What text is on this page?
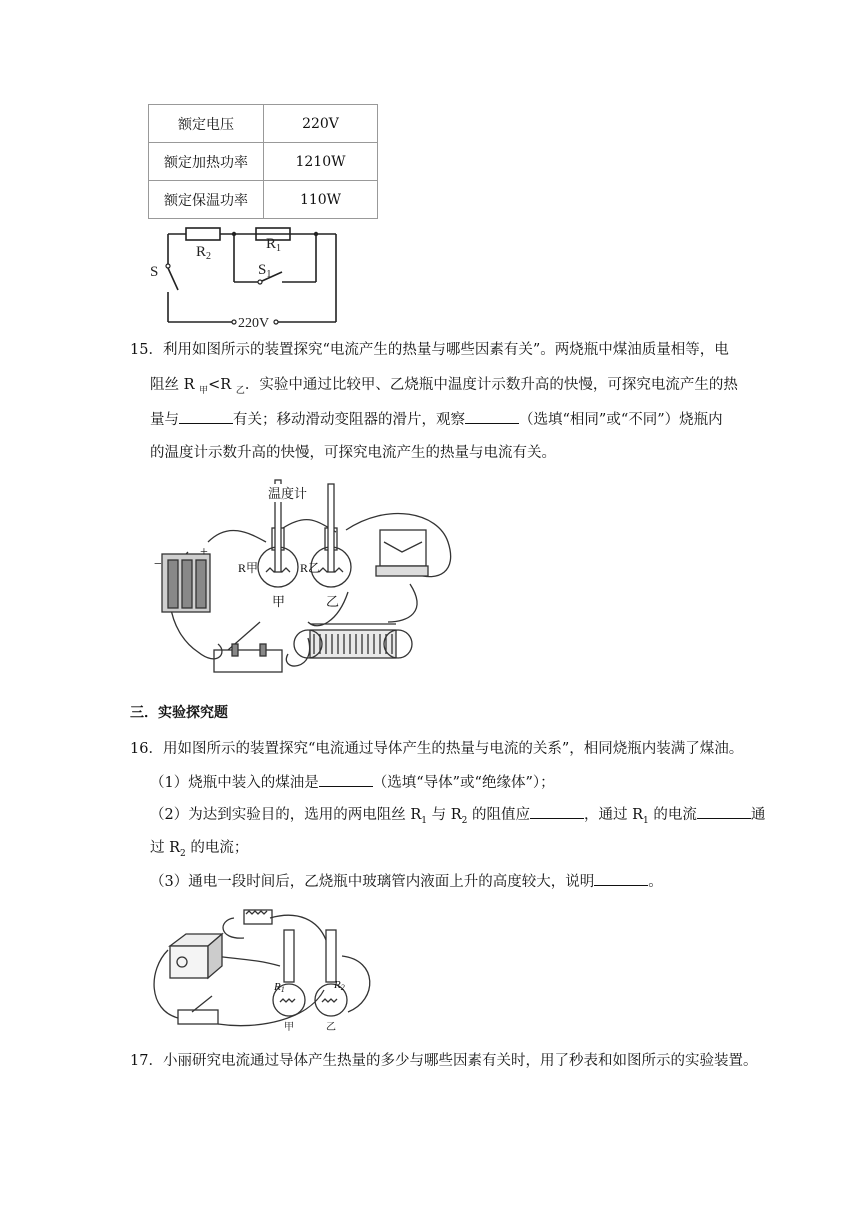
额定电压	220V
额定加热功率	1210W
额定保温功率	110W
$R_2$
$R_1$
S	$S_1$
220V
15．利用如图所示的装置探究“电流产生的热量与哪些因素有关”。两烧瓶中煤油质量相等，电
阻丝 R $_甲$<R $_乙$．实验中通过比较甲、乙烧瓶中温度计示数升高的快慢，可探究电流产生的热
量与	有关；移动滑动变阻器的滑片，观察	（选填“相同”或“不同”）烧瓶内
的温度计示数升高的快慢，可探究电流产生的热量与电流有关。
温度计
−
+
R甲	R乙
甲	乙
三．实验探究题
16．用如图所示的装置探究“电流通过导体产生的热量与电流的关系”，相同烧瓶内装满了煤油。
（1）烧瓶中装入的煤油是	（选填“导体”或“绝缘体”）；
（2）为达到实验目的，选用的两电阻丝 $R_1$ 与 $R_2$ 的阻值应	，通过 $R_1$ 的电流	通
过 $R_2$ 的电流；
（3）通电一段时间后，乙烧瓶中玻璃管内液面上升的高度较大，说明	。
R1	R2
甲	乙
17．小丽研究电流通过导体产生热量的多少与哪些因素有关时，用了秒表和如图所示的实验装置。
